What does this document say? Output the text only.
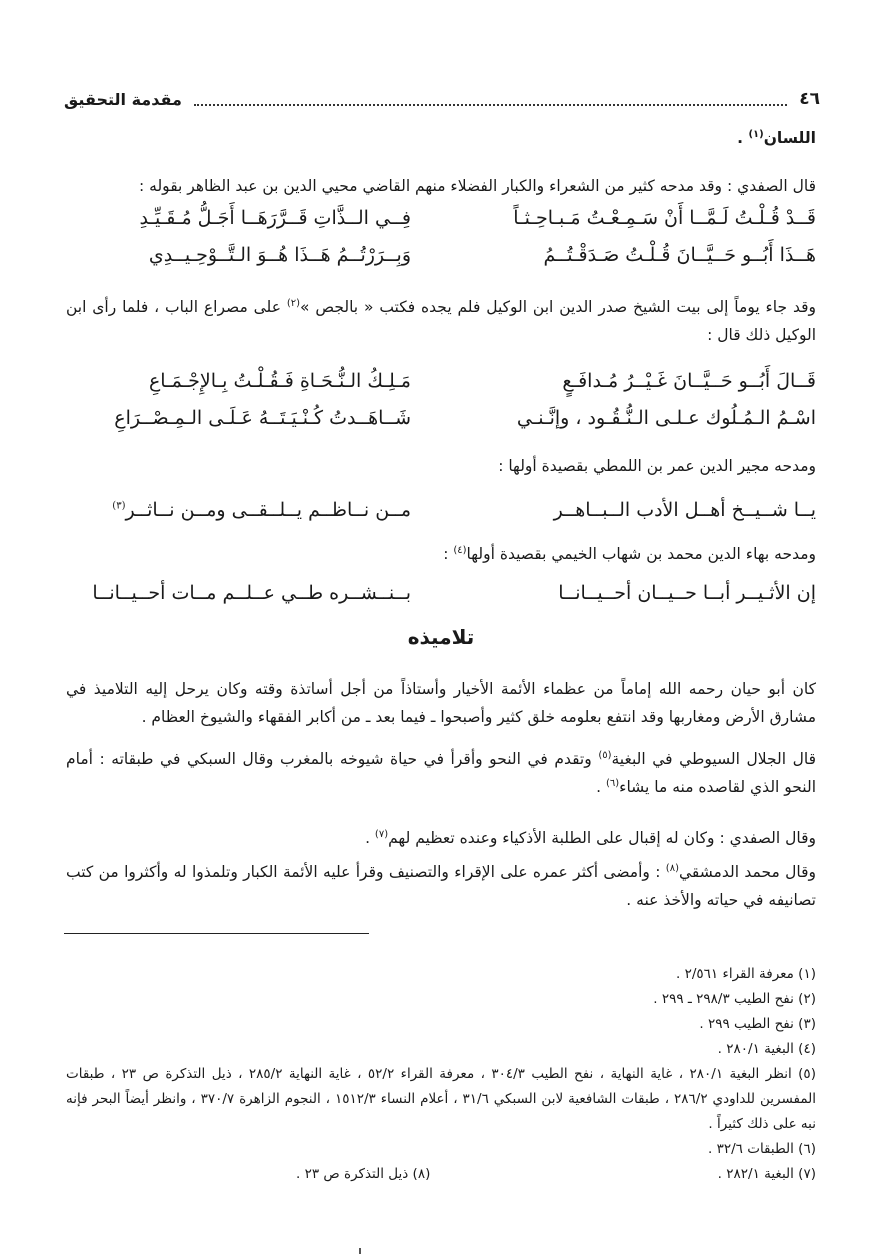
٤٦
مقدمة التحقيق
اللسان$^{(١)}$ .
قال الصفدي : وقد مدحه كثير من الشعراء والكبار الفضلاء منهم القاضي محيي الدين بن عبد الظاهر بقوله :
قَــدْ قُـلْـتُ لَـمَّــا أَنْ سَـمِـعْـتُ مَـبـاحِـثـاً
فِــي الــذَّاتِ قَــرَّرَهَــا أَجَـلُّ مُـقَـيِّـدِ
هَــذَا أَبُــو حَــيَّــانَ قُـلْـتُ صَـدَقْـتُــمُ
وَبِــرَرْتُــمُ هَــذَا هُــوَ الـتَّــوْحِـيــدِي
وقد جاء يوماً إلى بيت الشيخ صدر الدين ابن الوكيل فلم يجده فكتب « بالجص »$^{(٢)}$ على مصراع الباب ، فلما رأى ابن الوكيل ذلك قال :
قَــالَ أَبُــو حَــيَّــانَ غَـيْــرُ مُـدافَـعٍ
مَـلِـكُ الـنُّـحَـاةِ فَـقُـلْـتُ بِـالإِجْـمَـاعِ
اسْـمُ الـمُـلُوك عـلـى الـنُّـقُـود ، وإنَّـنـي
شَــاهَــدتُ كُـنْـيَـتَــهُ عَـلَـى الـمِـصْــرَاعِ
ومدحه مجير الدين عمر بن اللمطي بقصيدة أولها :
يــا شــيــخ أهــل الأدب الــبــاهــر
مــن نــاظــم يــلــقــى ومــن نــاثــر$^{(٣)}$
ومدحه بهاء الدين محمد بن شهاب الخيمي بقصيدة أولها$^{(٤)}$ :
إن الأثـيــر أبــا حــيــان أحــيــانــا
بــنــشــره طــي عــلــم مــات أحــيــانــا
تلاميذه
كان أبو حيان رحمه الله إماماً من عظماء الأئمة الأخيار وأستاذاً من أجل أساتذة وقته وكان يرحل إليه التلاميذ في مشارق الأرض ومغاربها وقد انتفع بعلومه خلق كثير وأصبحوا ـ فيما بعد ـ من أكابر الفقهاء والشيوخ العظام .
قال الجلال السيوطي في البغية$^{(٥)}$ وتقدم في النحو وأقرأ في حياة شيوخه بالمغرب وقال السبكي في طبقاته : أمام النحو الذي لقاصده منه ما يشاء$^{(٦)}$ .
وقال الصفدي : وكان له إقبال على الطلبة الأذكياء وعنده تعظيم لهم$^{(٧)}$ .
وقال محمد الدمشقي$^{(٨)}$ : وأمضى أكثر عمره على الإقراء والتصنيف وقرأ عليه الأئمة الكبار وتلمذوا له وأكثروا من كتب تصانيفه في حياته والأخذ عنه .
(١) معرفة القراء ٢/٥٦١ .
(٢) نفح الطيب ٢٩٨/٣ ـ ٢٩٩ .
(٣) نفح الطيب ٢٩٩ .
(٤) البغية ٢٨٠/١ .
(٥) انظر البغية ٢٨٠/١ ، غاية النهاية ، نفح الطيب ٣٠٤/٣ ، معرفة القراء ٥٢/٢ ، غاية النهاية ٢٨٥/٢ ، ذيل التذكرة ص ٢٣ ، طبقات المفسرين للداودي ٢٨٦/٢ ، طبقات الشافعية لابن السبكي ٣١/٦ ، أعلام النساء ١٥١٢/٣ ، النجوم الزاهرة ٣٧٠/٧ ، وانظر أيضاً البحر فإنه نبه على ذلك كثيراً .
(٦) الطبقات ٣٢/٦ .
(٧) البغية ٢٨٢/١ .
(٨) ذيل التذكرة ص ٢٣ .
